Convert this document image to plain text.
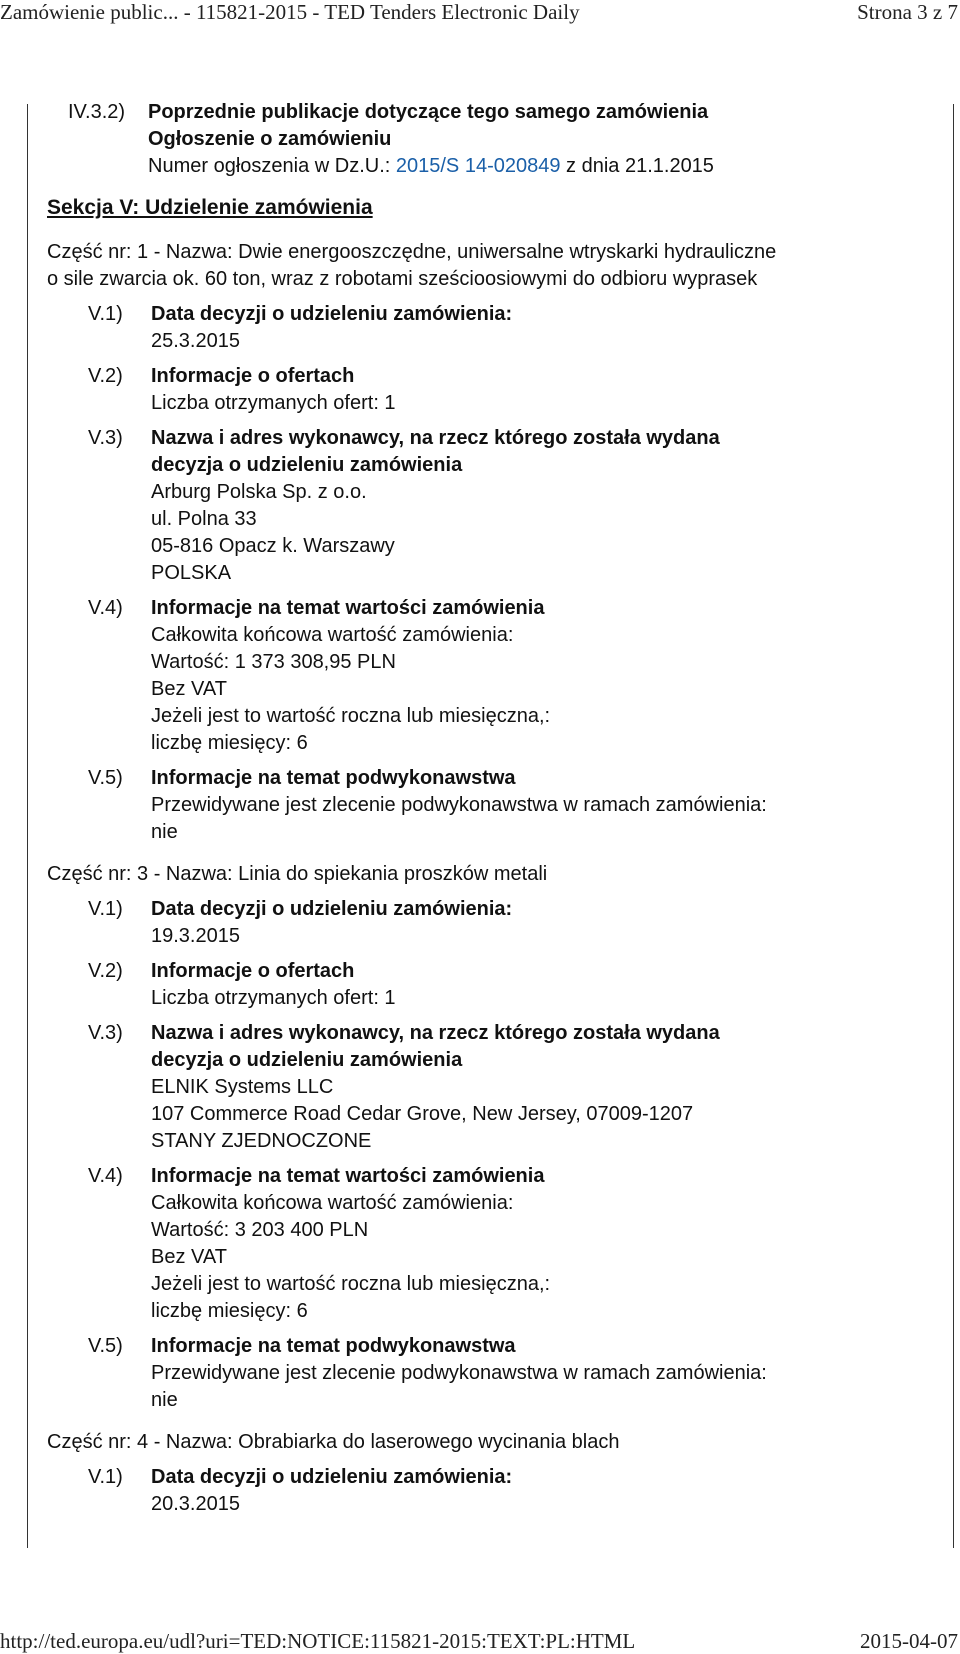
Zamówienie public... - 115821-2015 - TED Tenders Electronic Daily	Strona 3 z 7
IV.3.2) Poprzednie publikacje dotyczące tego samego zamówienia
Ogłoszenie o zamówieniu
Numer ogłoszenia w Dz.U.: 2015/S 14-020849 z dnia 21.1.2015
Sekcja V: Udzielenie zamówienia
Część nr: 1 - Nazwa: Dwie energooszczędne, uniwersalne wtryskarki hydrauliczne
o sile zwarcia ok. 60 ton, wraz z robotami sześcioosiowymi do odbioru wyprasek
V.1) Data decyzji o udzieleniu zamówienia:
25.3.2015
V.2) Informacje o ofertach
Liczba otrzymanych ofert: 1
V.3) Nazwa i adres wykonawcy, na rzecz którego została wydana
decyzja o udzieleniu zamówienia
Arburg Polska Sp. z o.o.
ul. Polna 33
05-816 Opacz k. Warszawy
POLSKA
V.4) Informacje na temat wartości zamówienia
Całkowita końcowa wartość zamówienia:
Wartość: 1 373 308,95 PLN
Bez VAT
Jeżeli jest to wartość roczna lub miesięczna,:
liczbę miesięcy: 6
V.5) Informacje na temat podwykonawstwa
Przewidywane jest zlecenie podwykonawstwa w ramach zamówienia:
nie
Część nr: 3 - Nazwa: Linia do spiekania proszków metali
V.1) Data decyzji o udzieleniu zamówienia:
19.3.2015
V.2) Informacje o ofertach
Liczba otrzymanych ofert: 1
V.3) Nazwa i adres wykonawcy, na rzecz którego została wydana
decyzja o udzieleniu zamówienia
ELNIK Systems LLC
107 Commerce Road Cedar Grove, New Jersey, 07009-1207
STANY ZJEDNOCZONE
V.4) Informacje na temat wartości zamówienia
Całkowita końcowa wartość zamówienia:
Wartość: 3 203 400 PLN
Bez VAT
Jeżeli jest to wartość roczna lub miesięczna,:
liczbę miesięcy: 6
V.5) Informacje na temat podwykonawstwa
Przewidywane jest zlecenie podwykonawstwa w ramach zamówienia:
nie
Część nr: 4 - Nazwa: Obrabiarka do laserowego wycinania blach
V.1) Data decyzji o udzieleniu zamówienia:
20.3.2015
http://ted.europa.eu/udl?uri=TED:NOTICE:115821-2015:TEXT:PL:HTML	2015-04-07
